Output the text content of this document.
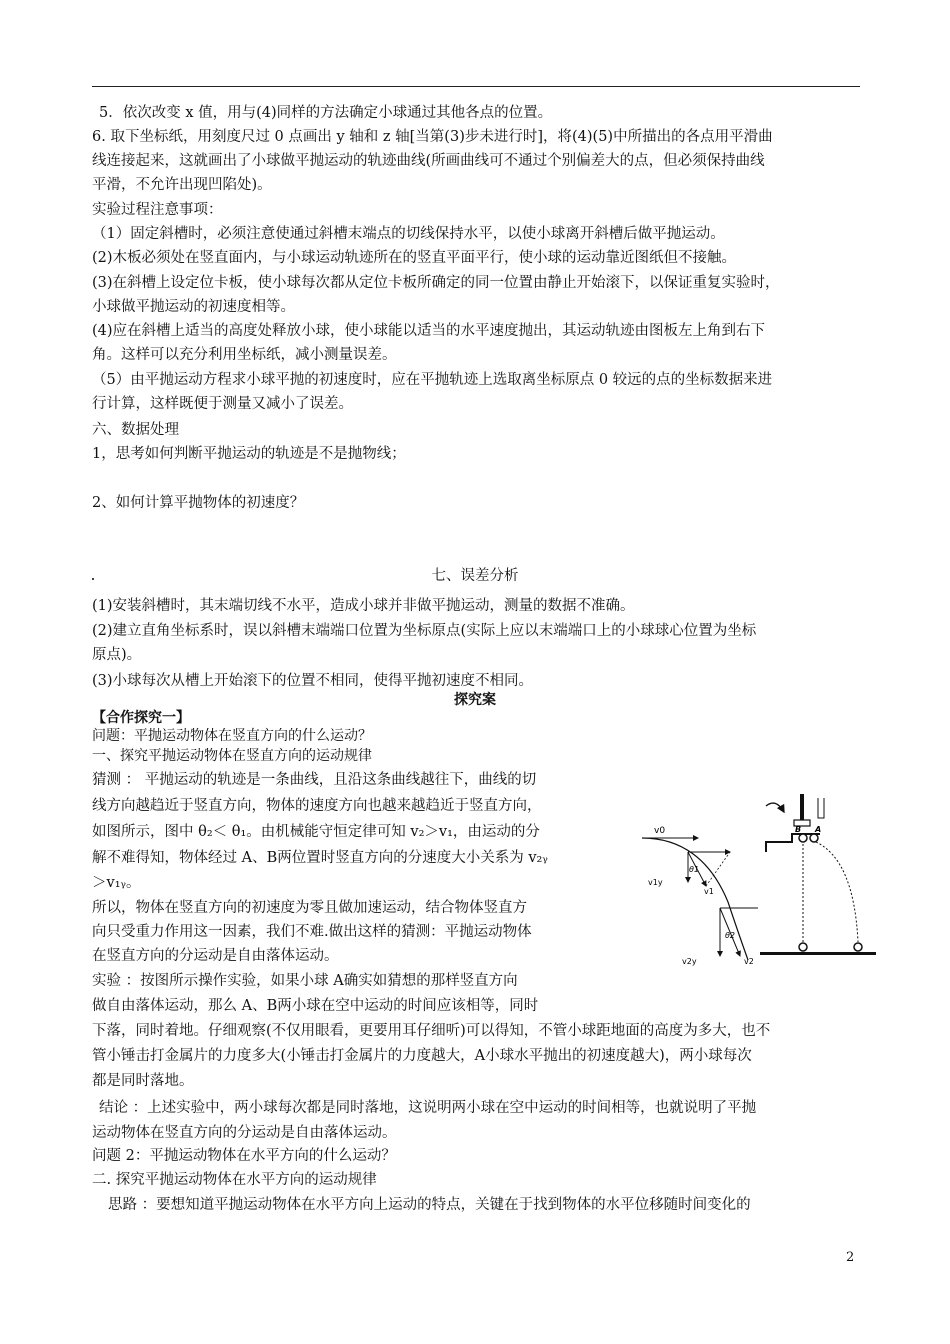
5．依次改变 x 值，用与(4)同样的方法确定小球通过其他各点的位置。
6. 取下坐标纸，用刻度尺过 0 点画出 y 轴和 z 轴[当第(3)步未进行时]，将(4)(5)中所描出的各点用平滑曲
线连接起来，这就画出了小球做平抛运动的轨迹曲线(所画曲线可不通过个别偏差大的点，但必须保持曲线
平滑，不允许出现凹陷处)。
实验过程注意事项：
（1）固定斜槽时，必须注意使通过斜槽末端点的切线保持水平，以使小球离开斜槽后做平抛运动。
(2)木板必须处在竖直面内，与小球运动轨迹所在的竖直平面平行，使小球的运动靠近图纸但不接触。
(3)在斜槽上设定位卡板，使小球每次都从定位卡板所确定的同一位置由静止开始滚下，以保证重复实验时，
小球做平抛运动的初速度相等。
(4)应在斜槽上适当的高度处释放小球，使小球能以适当的水平速度抛出，其运动轨迹由图板左上角到右下
角。这样可以充分利用坐标纸，减小测量误差。
（5）由平抛运动方程求小球平抛的初速度时，应在平抛轨迹上选取离坐标原点 0 较远的点的坐标数据来进
行计算，这样既便于测量又减小了误差。
六、数据处理
1，思考如何判断平抛运动的轨迹是不是抛物线；
2、如何计算平抛物体的初速度？
七、误差分析
(1)安装斜槽时，其末端切线不水平，造成小球并非做平抛运动，测量的数据不准确。
(2)建立直角坐标系时，误以斜槽末端端口位置为坐标原点(实际上应以末端端口上的小球球心位置为坐标
原点)。
(3)小球每次从槽上开始滚下的位置不相同，使得平抛初速度不相同。
探究案
【合作探究一】
问题：平抛运动物体在竖直方向的什么运动？
一、探究平抛运动物体在竖直方向的运动规律
猜测 ： 平抛运动的轨迹是一条曲线，且沿这条曲线越往下，曲线的切
线方向越趋近于竖直方向，物体的速度方向也越来越趋近于竖直方向，
如图所示，图中 θ₂＜ θ₁。由机械能守恒定律可知 v₂＞v₁，由运动的分
解不难得知，物体经过 A、B两位置时竖直方向的分速度大小关系为 v₂ᵧ
＞v₁ᵧ。
所以，物体在竖直方向的初速度为零且做加速运动，结合物体竖直方
向只受重力作用这一因素，我们不难.做出这样的猜测：平抛运动物体
在竖直方向的分运动是自由落体运动。
实验 ：按图所示操作实验，如果小球 A确实如猜想的那样竖直方向
做自由落体运动，那么 A、B两小球在空中运动的时间应该相等，同时
下落，同时着地。仔细观察(不仅用眼看，更要用耳仔细听)可以得知，不管小球距地面的高度为多大，也不
管小锤击打金属片的力度多大(小锤击打金属片的力度越大，A小球水平抛出的初速度越大)，两小球每次
都是同时落地。
结论 ：上述实验中，两小球每次都是同时落地，这说明两小球在空中运动的时间相等，也就说明了平抛
运动物体在竖直方向的分运动是自由落体运动。
问题 2：平抛运动物体在水平方向的什么运动？
二. 探究平抛运动物体在水平方向的运动规律
思路 ：要想知道平抛运动物体在水平方向上运动的特点，关键在于找到物体的水平位移随时间变化的
v0
v1y
v1
θ1
θ2
v2y	v2
B A
2
